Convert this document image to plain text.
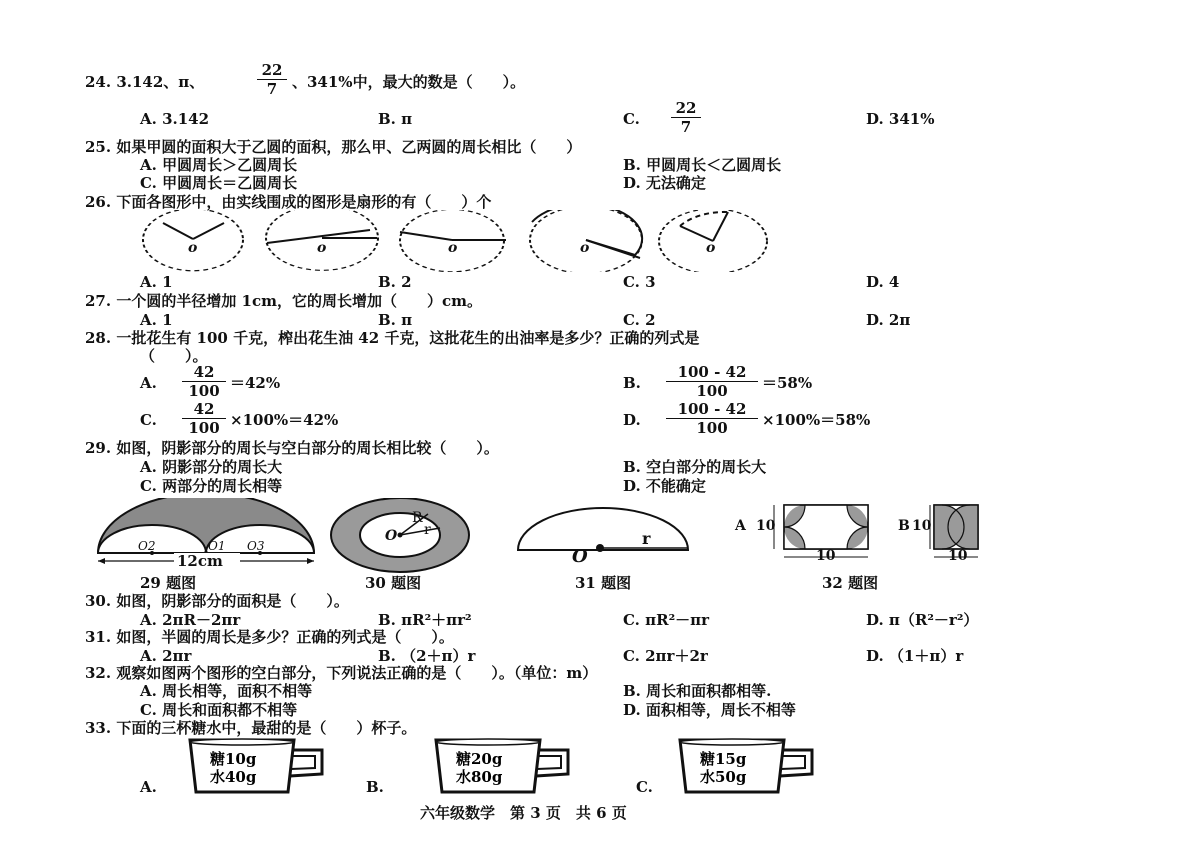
24. 3.142、π、
22
7 、341%中，最大的数是（　　）。
A. 3.142	B. π	C.
22
7	D. 341%
25. 如果甲圆的面积大于乙圆的面积，那么甲、乙两圆的周长相比（　　）
A. 甲圆周长＞乙圆周长	B. 甲圆周长＜乙圆周长
C. 甲圆周长＝乙圆周长	D. 无法确定
26. 下面各图形中，由实线围成的图形是扇形的有（　　）个
o	o	o	o	o
A. 1	B. 2	C. 3	D. 4
27. 一个圆的半径增加 1cm，它的周长增加（　　）cm。
A. 1	B. π	C. 2	D. 2π
28. 一批花生有 100 千克，榨出花生油 42 千克，这批花生的出油率是多少？正确的列式是
（　　）。
A.
42
100 ＝42%	B.
100 - 42
100	＝58%
C.
42
100 ×100%＝42%	D.
100 - 42
100	×100%＝58%
29. 如图，阴影部分的周长与空白部分的周长相比较（　　）。
A. 阴影部分的周长大	B. 空白部分的周长大
C. 两部分的周长相等	D. 不能确定
O2	O1 O3
12cm
R
r
O
O
r
A 10
10
B 10
10
29 题图	30 题图	31 题图	32 题图
30. 如图，阴影部分的面积是（　　）。
A. 2πR－2πr	B. πR²＋πr²	C. πR²－πr	D. π（R²－r²）
31. 如图，半圆的周长是多少？正确的列式是（　　）。
A. 2πr	B. （2＋π）r	C. 2πr＋2r	D. （1＋π）r
32. 观察如图两个图形的空白部分，下列说法正确的是（　　）。（单位：m）
A. 周长相等，面积不相等	B. 周长和面积都相等.
C. 周长和面积都不相等	D. 面积相等，周长不相等
33. 下面的三杯糖水中，最甜的是（　　）杯子。
A.	B.	C.
糖10g
水40g
糖20g
水80g
糖15g
水50g
六年级数学　第 3 页　共 6 页
